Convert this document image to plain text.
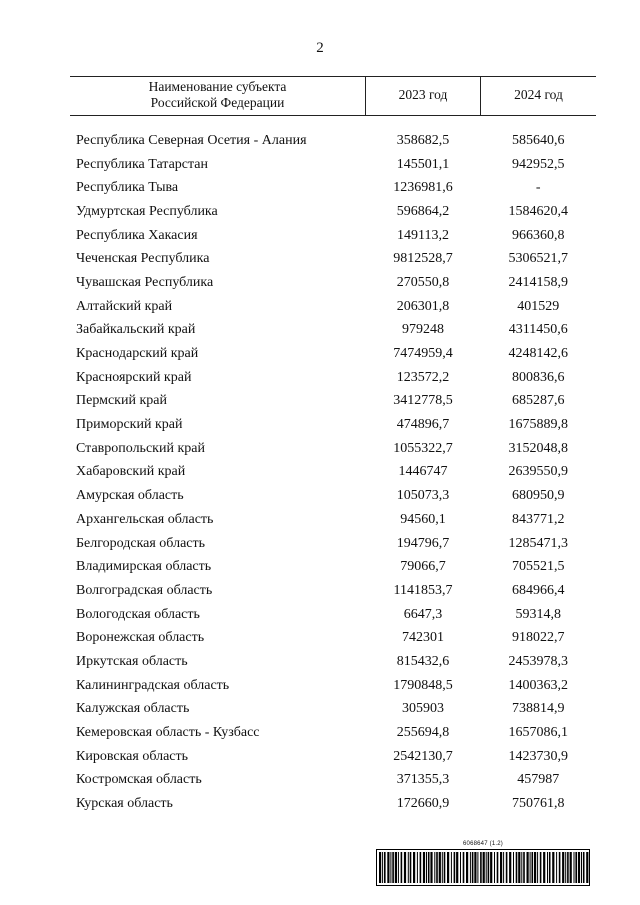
2
Наименование субъекта
Российской Федерации	2023 год	2024 год

Республика Северная Осетия - Алания	358682,5	585640,6
Республика Татарстан	145501,1	942952,5
Республика Тыва	1236981,6	-
Удмуртская Республика	596864,2	1584620,4
Республика Хакасия	149113,2	966360,8
Чеченская Республика	9812528,7	5306521,7
Чувашская Республика	270550,8	2414158,9
Алтайский край	206301,8	401529
Забайкальский край	979248	4311450,6
Краснодарский край	7474959,4	4248142,6
Красноярский край	123572,2	800836,6
Пермский край	3412778,5	685287,6
Приморский край	474896,7	1675889,8
Ставропольский край	1055322,7	3152048,8
Хабаровский край	1446747	2639550,9
Амурская область	105073,3	680950,9
Архангельская область	94560,1	843771,2
Белгородская область	194796,7	1285471,3
Владимирская область	79066,7	705521,5
Волгоградская область	1141853,7	684966,4
Вологодская область	6647,3	59314,8
Воронежская область	742301	918022,7
Иркутская область	815432,6	2453978,3
Калининградская область	1790848,5	1400363,2
Калужская область	305903	738814,9
Кемеровская область - Кузбасс	255694,8	1657086,1
Кировская область	2542130,7	1423730,9
Костромская область	371355,3	457987
Курская область	172660,9	750761,8
6068647 (1.2)
